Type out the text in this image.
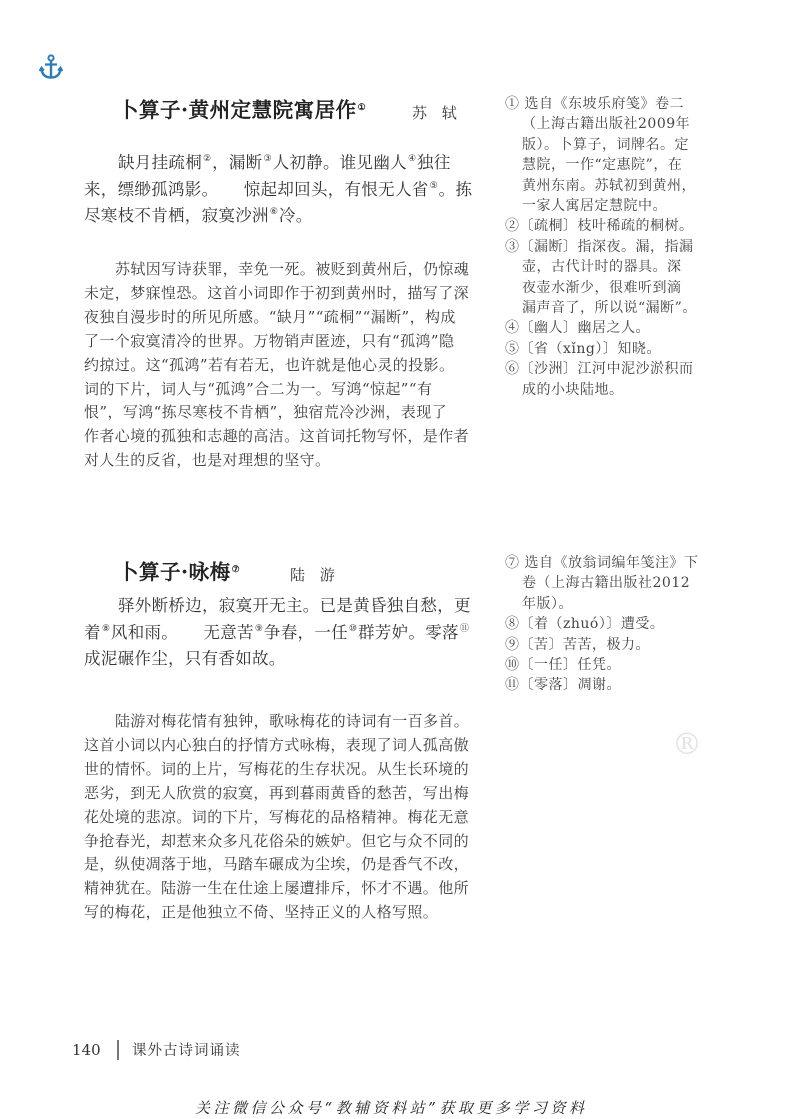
®
卜算子·黄州定慧院寓居作①	苏 轼
缺月挂疏桐②，漏断③人初静。谁见幽人④独往
来，缥缈孤鸿影。　　惊起却回头，有恨无人省⑤。拣
尽寒枝不肯栖，寂寞沙洲⑥冷。
苏轼因写诗获罪，幸免一死。被贬到黄州后，仍惊魂
未定，梦寐惶恐。这首小词即作于初到黄州时，描写了深
夜独自漫步时的所见所感。“缺月”“疏桐”“漏断”，构成
了一个寂寞清冷的世界。万物销声匿迹，只有“孤鸿”隐
约掠过。这“孤鸿”若有若无，也许就是他心灵的投影。
词的下片，词人与“孤鸿”合二为一。写鸿“惊起”“有
恨”，写鸿“拣尽寒枝不肯栖”，独宿荒冷沙洲，表现了
作者心境的孤独和志趣的高洁。这首词托物写怀，是作者
对人生的反省，也是对理想的坚守。
① 选自《东坡乐府笺》卷二
（上海古籍出版社2009年
版）。卜算子，词牌名。定
慧院，一作“定惠院”，在
黄州东南。苏轼初到黄州，
一家人寓居定慧院中。
②〔疏桐〕枝叶稀疏的桐树。
③〔漏断〕指深夜。漏，指漏
壶，古代计时的器具。深
夜壶水渐少，很难听到滴
漏声音了，所以说“漏断”。
④〔幽人〕幽居之人。
⑤〔省（xǐng）〕知晓。
⑥〔沙洲〕江河中泥沙淤积而
成的小块陆地。
卜算子·咏梅⑦	陆 游
驿外断桥边，寂寞开无主。已是黄昏独自愁，更
着⑧风和雨。　　无意苦⑨争春，一任⑩群芳妒。零落⑪
成泥碾作尘，只有香如故。
陆游对梅花情有独钟，歌咏梅花的诗词有一百多首。
这首小词以内心独白的抒情方式咏梅，表现了词人孤高傲
世的情怀。词的上片，写梅花的生存状况。从生长环境的
恶劣，到无人欣赏的寂寞，再到暮雨黄昏的愁苦，写出梅
花处境的悲凉。词的下片，写梅花的品格精神。梅花无意
争抢春光，却惹来众多凡花俗朵的嫉妒。但它与众不同的
是，纵使凋落于地，马踏车碾成为尘埃，仍是香气不改，
精神犹在。陆游一生在仕途上屡遭排斥，怀才不遇。他所
写的梅花，正是他独立不倚、坚持正义的人格写照。
⑦ 选自《放翁词编年笺注》下
卷（上海古籍出版社2012
年版）。
⑧〔着（zhuó）〕遭受。
⑨〔苦〕苦苦，极力。
⑩〔一任〕任凭。
⑪〔零落〕凋谢。
140 课外古诗词诵读
关注微信公众号“教辅资料站”获取更多学习资料
